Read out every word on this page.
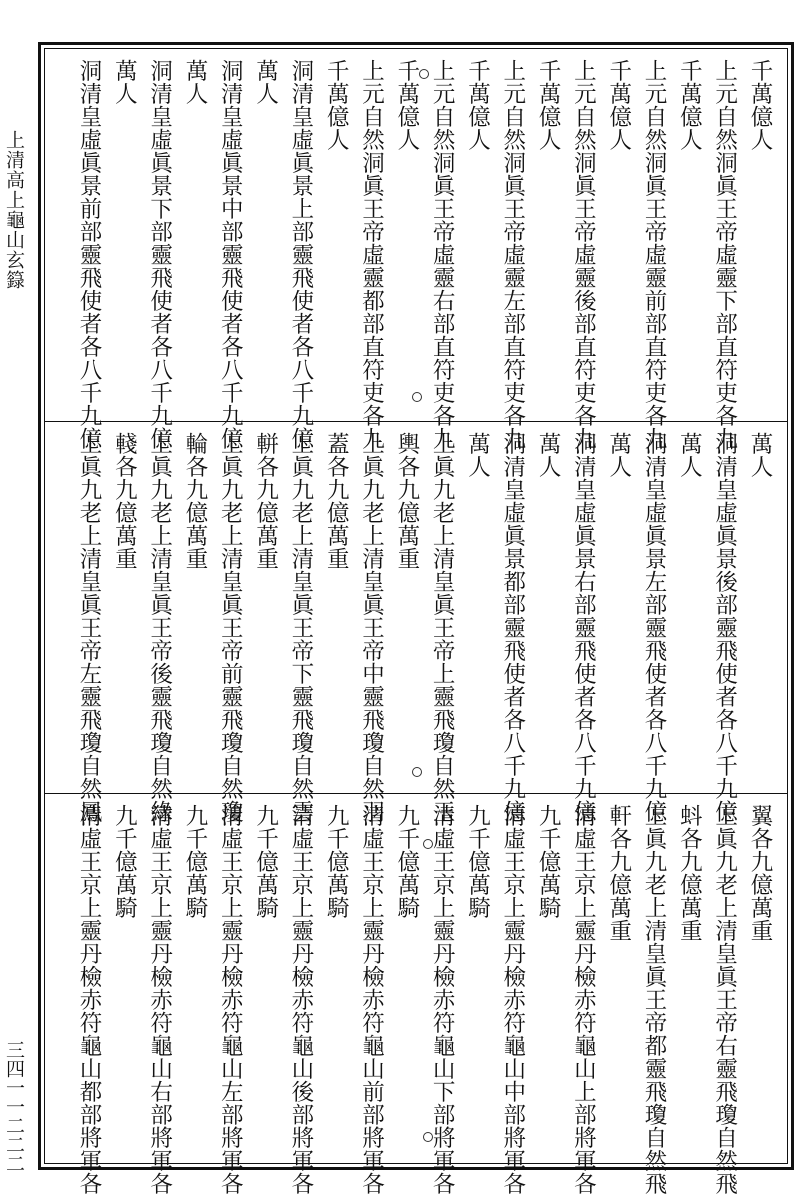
上清高上龜山玄籙
三四一一二二二
千萬億人
上元自然洞眞王帝虛靈下部直符吏各九
千萬億人
上元自然洞眞王帝虛靈前部直符吏各九
千萬億人
上元自然洞眞王帝虛靈後部直符吏各九
千萬億人
上元自然洞眞王帝虛靈左部直符吏各九
千萬億人
上元自然洞眞王帝虛靈右部直符吏各九
千萬億人
上元自然洞眞王帝虛靈都部直符吏各九
千萬億人
洞清皇虛眞景上部靈飛使者各八千九億
萬人
洞清皇虛眞景中部靈飛使者各八千九億
萬人
洞清皇虛眞景下部靈飛使者各八千九億
萬人
洞清皇虛眞景前部靈飛使者各八千九億
萬人
洞清皇虛眞景後部靈飛使者各八千九億
萬人
洞清皇虛眞景左部靈飛使者各八千九億
萬人
洞清皇虛眞景右部靈飛使者各八千九億
萬人
洞清皇虛眞景都部靈飛使者各八千九億
萬人
上眞九老上清皇眞王帝上靈飛瓊自然玉
輿各九億萬重
上眞九老上清皇眞王帝中靈飛瓊自然羽
蓋各九億萬重
上眞九老上清皇眞王帝下靈飛瓊自然雲
軿各九億萬重
上眞九老上清皇眞王帝前靈飛瓊自然瓊
輪各九億萬重
上眞九老上清皇眞王帝後靈飛瓊自然綠
輚各九億萬重
上眞九老上清皇眞王帝左靈飛瓊自然鳳
翼各九億萬重
上眞九老上清皇眞王帝右靈飛瓊自然飛
蚪各九億萬重
上眞九老上清皇眞王帝都靈飛瓊自然飛
軒各九億萬重
清虛王京上靈丹檢赤符龜山上部將軍各
九千億萬騎
清虛王京上靈丹檢赤符龜山中部將軍各
九千億萬騎
清虛王京上靈丹檢赤符龜山下部將軍各
九千億萬騎
清虛王京上靈丹檢赤符龜山前部將軍各
九千億萬騎
清虛王京上靈丹檢赤符龜山後部將軍各
九千億萬騎
清虛王京上靈丹檢赤符龜山左部將軍各
九千億萬騎
清虛王京上靈丹檢赤符龜山右部將軍各
九千億萬騎
清虛王京上靈丹檢赤符龜山都部將軍各
